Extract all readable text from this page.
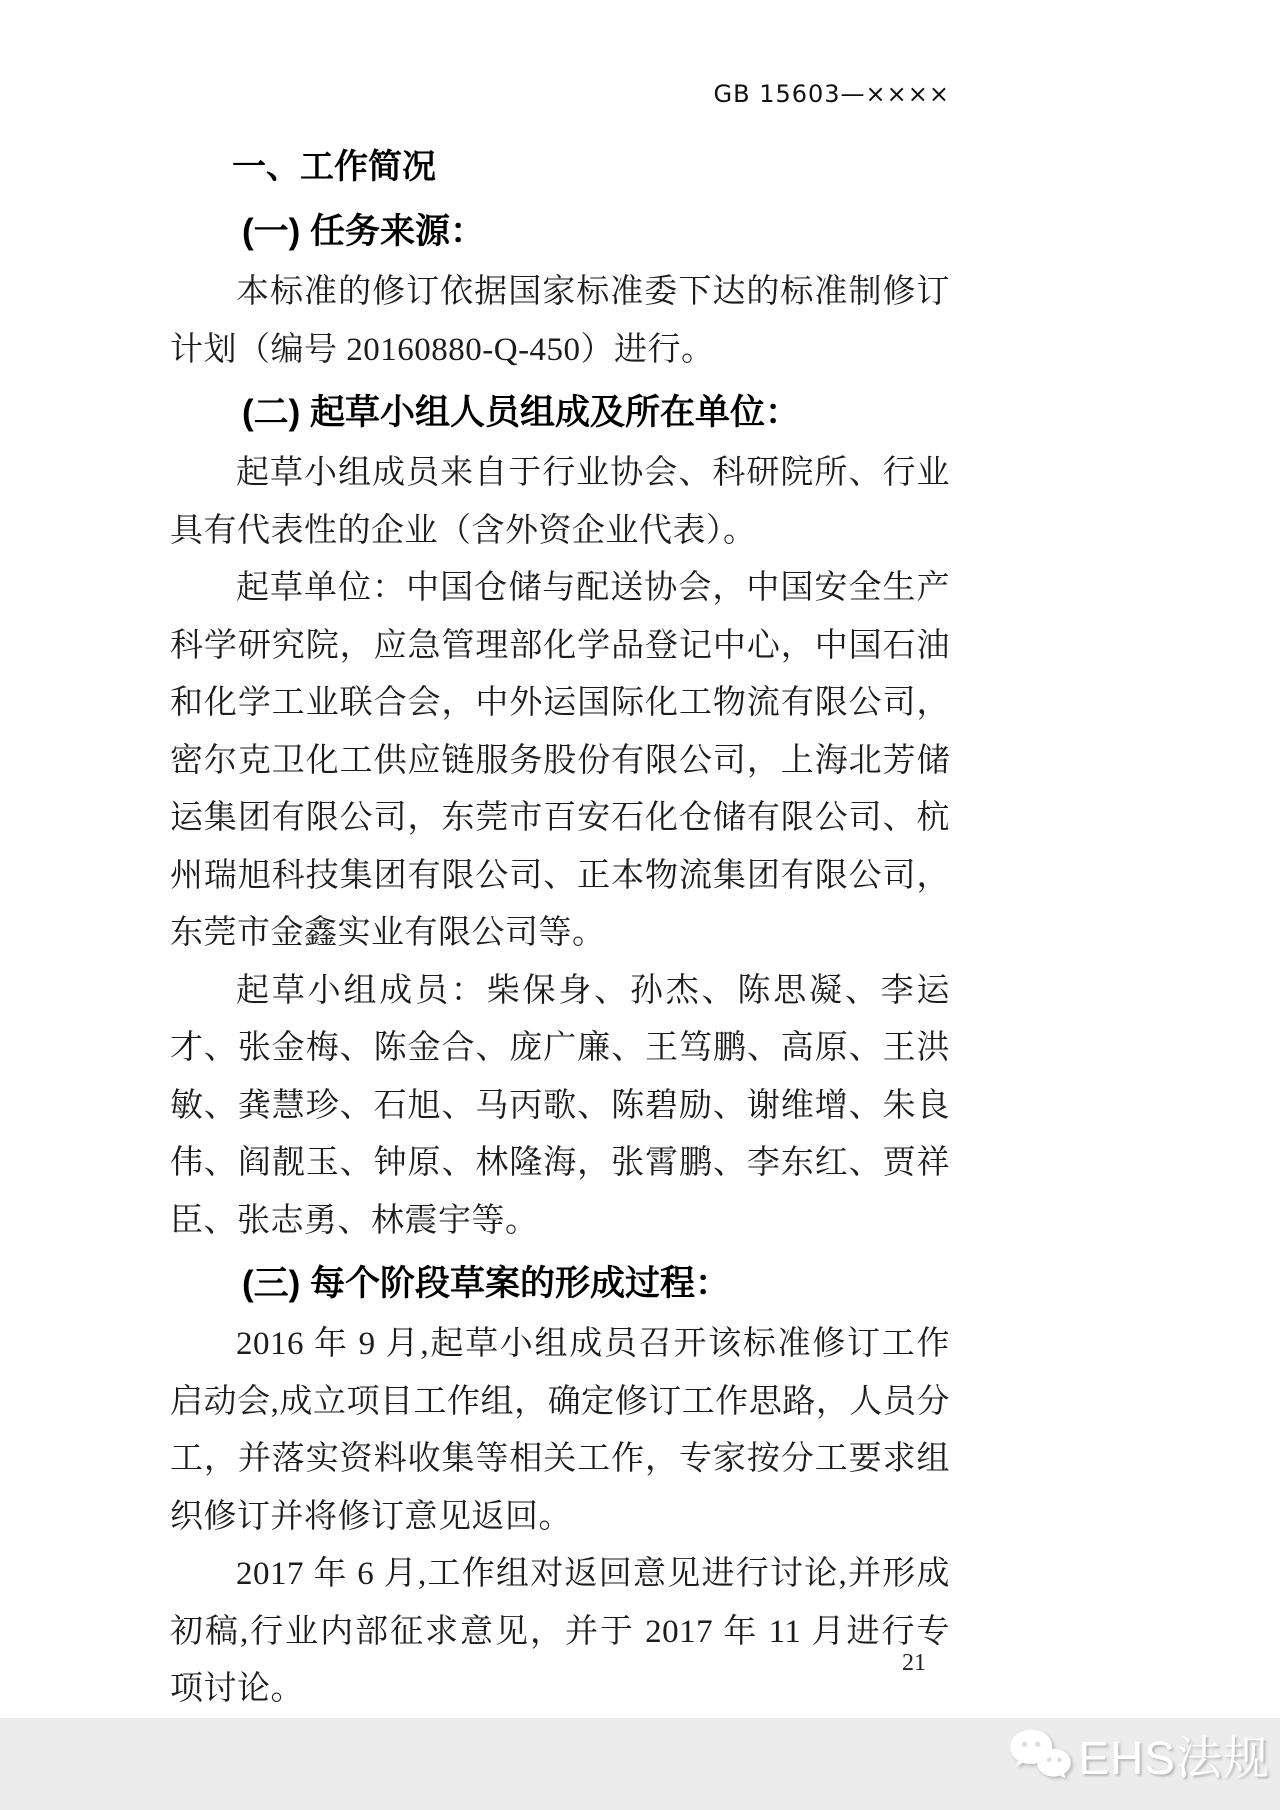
GB 15603—××××
一、工作简况
(一) 任务来源：
本标准的修订依据国家标准委下达的标准制修订计划（编号 20160880-Q-450）进行。
(二) 起草小组人员组成及所在单位：
起草小组成员来自于行业协会、科研院所、行业具有代表性的企业（含外资企业代表）。
起草单位：中国仓储与配送协会，中国安全生产科学研究院，应急管理部化学品登记中心，中国石油和化学工业联合会，中外运国际化工物流有限公司，密尔克卫化工供应链服务股份有限公司，上海北芳储运集团有限公司，东莞市百安石化仓储有限公司、杭州瑞旭科技集团有限公司、正本物流集团有限公司，东莞市金鑫实业有限公司等。
起草小组成员：柴保身、孙杰、陈思凝、李运才、张金梅、陈金合、庞广廉、王笃鹏、高原、王洪敏、龚慧珍、石旭、马丙歌、陈碧励、谢维增、朱良伟、阎靓玉、钟原、林隆海，张霄鹏、李东红、贾祥臣、张志勇、林震宇等。
(三) 每个阶段草案的形成过程：
2016 年 9 月,起草小组成员召开该标准修订工作启动会,成立项目工作组，确定修订工作思路，人员分工，并落实资料收集等相关工作，专家按分工要求组织修订并将修订意见返回。
2017 年 6 月,工作组对返回意见进行讨论,并形成初稿,行业内部征求意见，并于 2017 年 11 月进行专项讨论。
21
EHS法规
